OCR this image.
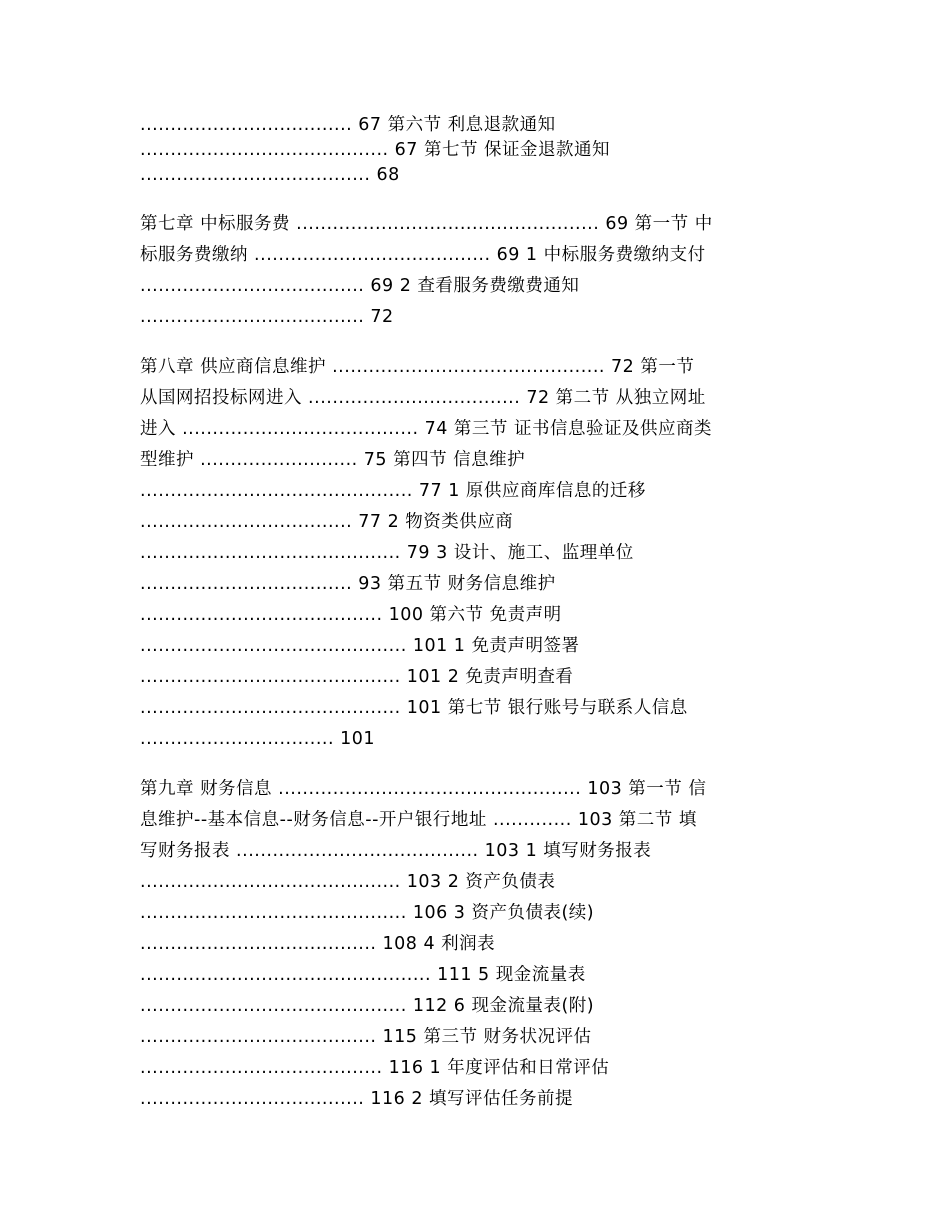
................................... 67 第六节 利息退款通知
......................................... 67 第七节 保证金退款通知
...................................... 68
第七章 中标服务费 .................................................. 69 第一节 中
标服务费缴纳 ....................................... 69 1 中标服务费缴纳支付
..................................... 69 2 查看服务费缴费通知
..................................... 72
第八章 供应商信息维护 ............................................. 72 第一节
从国网招投标网进入 ................................... 72 第二节 从独立网址
进入 ....................................... 74 第三节 证书信息验证及供应商类
型维护 .......................... 75 第四节 信息维护
............................................. 77 1 原供应商库信息的迁移
................................... 77 2 物资类供应商
........................................... 79 3 设计、施工、监理单位
................................... 93 第五节 财务信息维护
........................................ 100 第六节 免责声明
............................................ 101 1 免责声明签署
........................................... 101 2 免责声明查看
........................................... 101 第七节 银行账号与联系人信息
................................ 101
第九章 财务信息 .................................................. 103 第一节 信
息维护--基本信息--财务信息--开户银行地址 ............. 103 第二节 填
写财务报表 ........................................ 103 1 填写财务报表
........................................... 103 2 资产负债表
............................................ 106 3 资产负债表(续)
....................................... 108 4 利润表
................................................ 111 5 现金流量表
............................................ 112 6 现金流量表(附)
....................................... 115 第三节 财务状况评估
........................................ 116 1 年度评估和日常评估
..................................... 116 2 填写评估任务前提
